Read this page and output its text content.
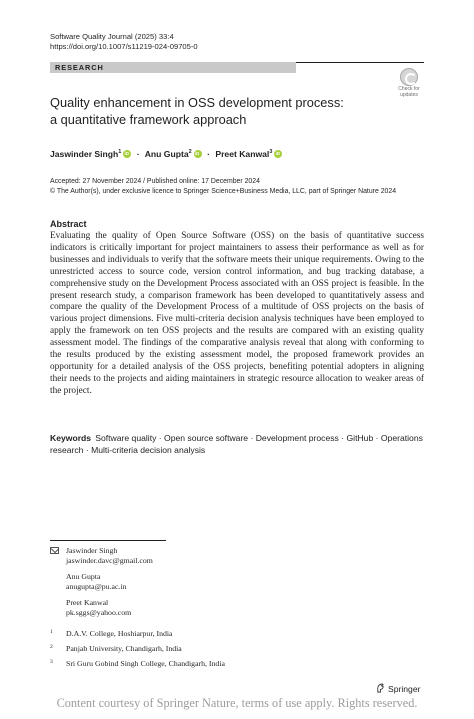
Software Quality Journal (2025) 33:4
https://doi.org/10.1007/s11219-024-09705-0
RESEARCH
Check for
updates
Quality enhancement in OSS development process:
a quantitative framework approach
Jaswinder Singh$^1$ iD · Anu Gupta$^2$ iD · Preet Kanwal$^3$iD
Accepted: 27 November 2024 / Published online: 17 December 2024
© The Author(s), under exclusive licence to Springer Science+Business Media, LLC, part of Springer Nature 2024
Abstract

Evaluating the quality of Open Source Software (OSS) on the basis of quantitative success indicators is critically important for project maintainers to assess their performance as well as for businesses and individuals to verify that the software meets their unique requirements. Owing to the unrestricted access to source code, version control information, and bug tracking database, a comprehensive study on the Development Process associated with an OSS project is feasible. In the present research study, a comparison framework has been developed to quantitatively assess and compare the quality of the Development Process of a multitude of OSS projects on the basis of various project dimensions. Five multi-criteria decision analysis techniques have been employed to apply the framework on ten OSS projects and the results are compared with an existing quality assessment model. The findings of the comparative analysis reveal that along with conforming to the results produced by the existing assessment model, the proposed framework provides an opportunity for a detailed analysis of the OSS projects, benefiting potential adopters in aligning their needs to the projects and aiding maintainers in strategic resource allocation to weaker areas of the project.

Keywords Software quality · Open source software · Development process · GitHub · Operations research · Multi-criteria decision analysis
Jaswinder Singh
jaswinder.davc@gmail.com
Anu Gupta
anugupta@pu.ac.in
Preet Kanwal
pk.sggs@yahoo.com
1 D.A.V. College, Hoshiarpur, India
2 Panjab University, Chandigarh, India
3 Sri Guru Gobind Singh College, Chandigarh, India
Springer
Content courtesy of Springer Nature, terms of use apply. Rights reserved.
